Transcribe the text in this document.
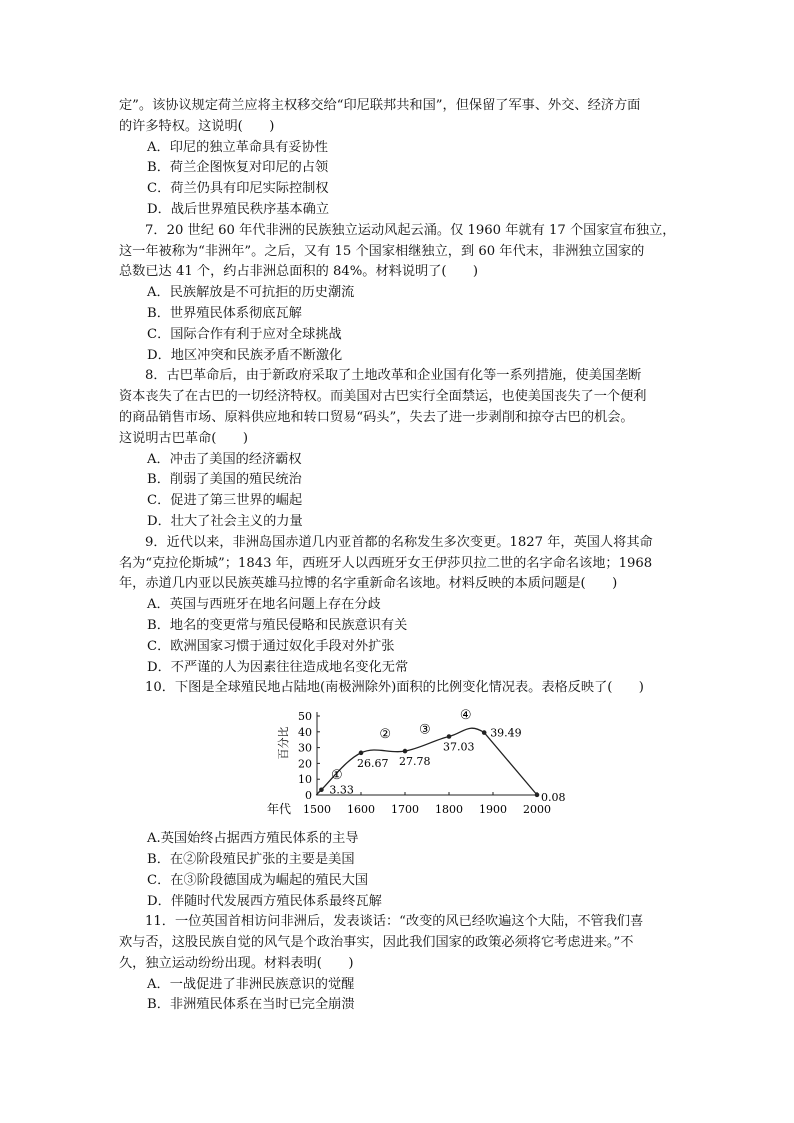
定”。该协议规定荷兰应将主权移交给“印尼联邦共和国”，但保留了军事、外交、经济方面
的许多特权。这说明(　　)
A．印尼的独立革命具有妥协性
B．荷兰企图恢复对印尼的占领
C．荷兰仍具有印尼实际控制权
D．战后世界殖民秩序基本确立
7．20 世纪 60 年代非洲的民族独立运动风起云涌。仅 1960 年就有 17 个国家宣布独立，
这一年被称为“非洲年”。之后，又有 15 个国家相继独立，到 60 年代末，非洲独立国家的
总数已达 41 个，约占非洲总面积的 84%。材料说明了(　　)
A．民族解放是不可抗拒的历史潮流
B．世界殖民体系彻底瓦解
C．国际合作有利于应对全球挑战
D．地区冲突和民族矛盾不断激化
8．古巴革命后，由于新政府采取了土地改革和企业国有化等一系列措施，使美国垄断
资本丧失了在古巴的一切经济特权。而美国对古巴实行全面禁运，也使美国丧失了一个便利
的商品销售市场、原料供应地和转口贸易“码头”，失去了进一步剥削和掠夺古巴的机会。
这说明古巴革命(　　)
A．冲击了美国的经济霸权
B．削弱了美国的殖民统治
C．促进了第三世界的崛起
D．壮大了社会主义的力量
9．近代以来，非洲岛国赤道几内亚首都的名称发生多次变更。1827 年，英国人将其命
名为“克拉伦斯城”；1843 年，西班牙人以西班牙女王伊莎贝拉二世的名字命名该地；1968
年，赤道几内亚以民族英雄马拉博的名字重新命名该地。材料反映的本质问题是(　　)
A．英国与西班牙在地名问题上存在分歧
B．地名的变更常与殖民侵略和民族意识有关
C．欧洲国家习惯于通过奴化手段对外扩张
D．不严谨的人为因素往往造成地名变化无常
10．下图是全球殖民地占陆地(南极洲除外)面积的比例变化情况表。表格反映了(　　)
0
10
20
30
40
50
1500 1600 1700 1800 1900 2000
年代
百分比
3.33
26.67 27.78
37.03
39.49
0.08
①
② ③
④
A.英国始终占据西方殖民体系的主导
B．在②阶段殖民扩张的主要是美国
C．在③阶段德国成为崛起的殖民大国
D．伴随时代发展西方殖民体系最终瓦解
11．一位英国首相访问非洲后，发表谈话：“改变的风已经吹遍这个大陆，不管我们喜
欢与否，这股民族自觉的风气是个政治事实，因此我们国家的政策必须将它考虑进来。”不
久，独立运动纷纷出现。材料表明(　　)
A．一战促进了非洲民族意识的觉醒
B．非洲殖民体系在当时已完全崩溃
